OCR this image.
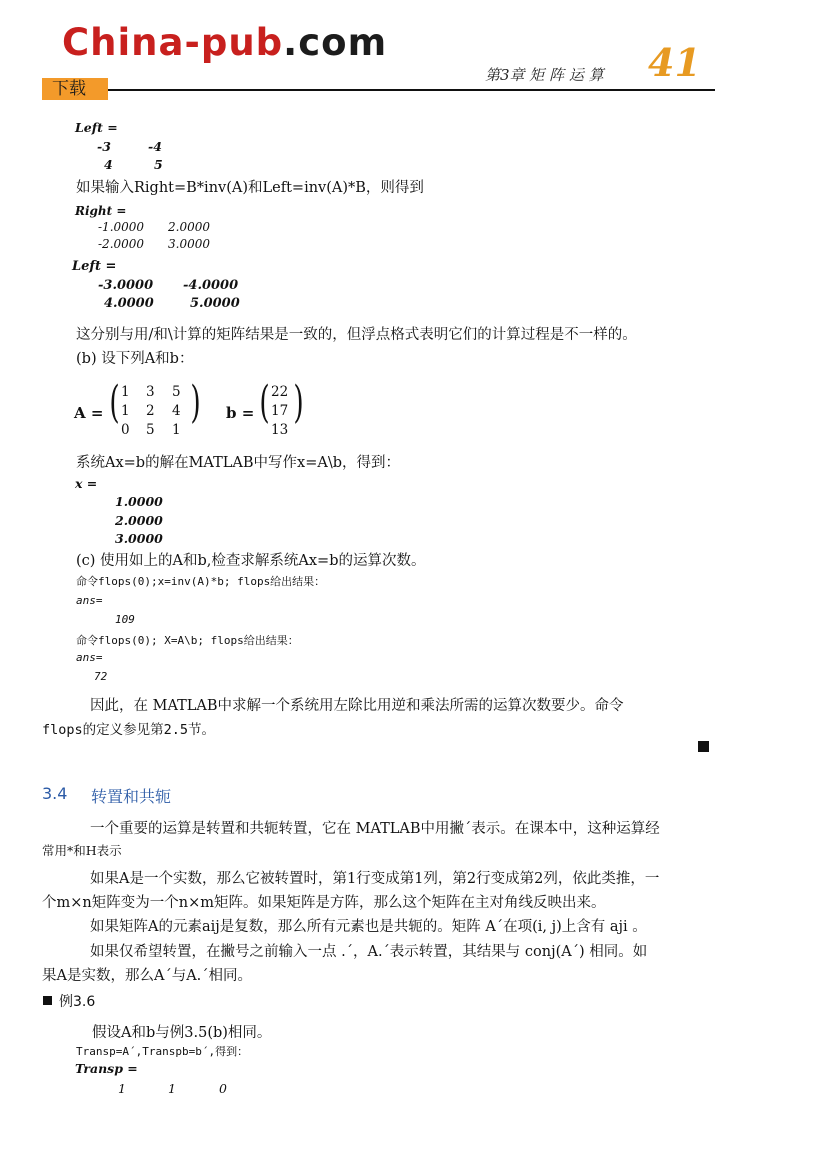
China-pub.com
下载
第3章 矩 阵 运 算 41
Left =
-3	-4
4	5
如果输入Right=B*inv(A)和Left=inv(A)*B，则得到
Right =
-1.0000 2.0000
-2.0000 3.0000
Left =
-3.0000 -4.0000
4.0000	5.0000
这分别与用/和\计算的矩阵结果是一致的，但浮点格式表明它们的计算过程是不一样的。
(b) 设下列A和b：
A = ( )
1 3 5
1 2 4
0 5 1
b = ( )
22
17
13
系统Ax=b的解在MATLAB中写作x=A\b，得到：
x =
1.0000
2.0000
3.0000
(c) 使用如上的A和b,检查求解系统Ax=b的运算次数。
命令flops(0);x=inv(A)*b; flops给出结果：
ans=
109
命令flops(0); X=A\b; flops给出结果：
ans=
72
因此，在 MATLAB中求解一个系统用左除比用逆和乘法所需的运算次数要少。命令
flops的定义参见第2.5节。
3.4 转置和共轭
一个重要的运算是转置和共轭转置，它在 MATLAB中用撇´表示。在课本中，这种运算经
常用*和H表示
如果A是一个实数，那么它被转置时，第1行变成第1列，第2行变成第2列，依此类推，一
个m×n矩阵变为一个n×m矩阵。如果矩阵是方阵，那么这个矩阵在主对角线反映出来。
如果矩阵A的元素aij是复数，那么所有元素也是共轭的。矩阵 A´在项(i, j)上含有 aji 。
如果仅希望转置，在撇号之前输入一点 .´，A.´表示转置，其结果与 conj(A´) 相同。如
果A是实数，那么A´与A.´相同。
例3.6
假设A和b与例3.5(b)相同。
Transp=A´,Transpb=b´,得到：
Transp =
1	1	0
